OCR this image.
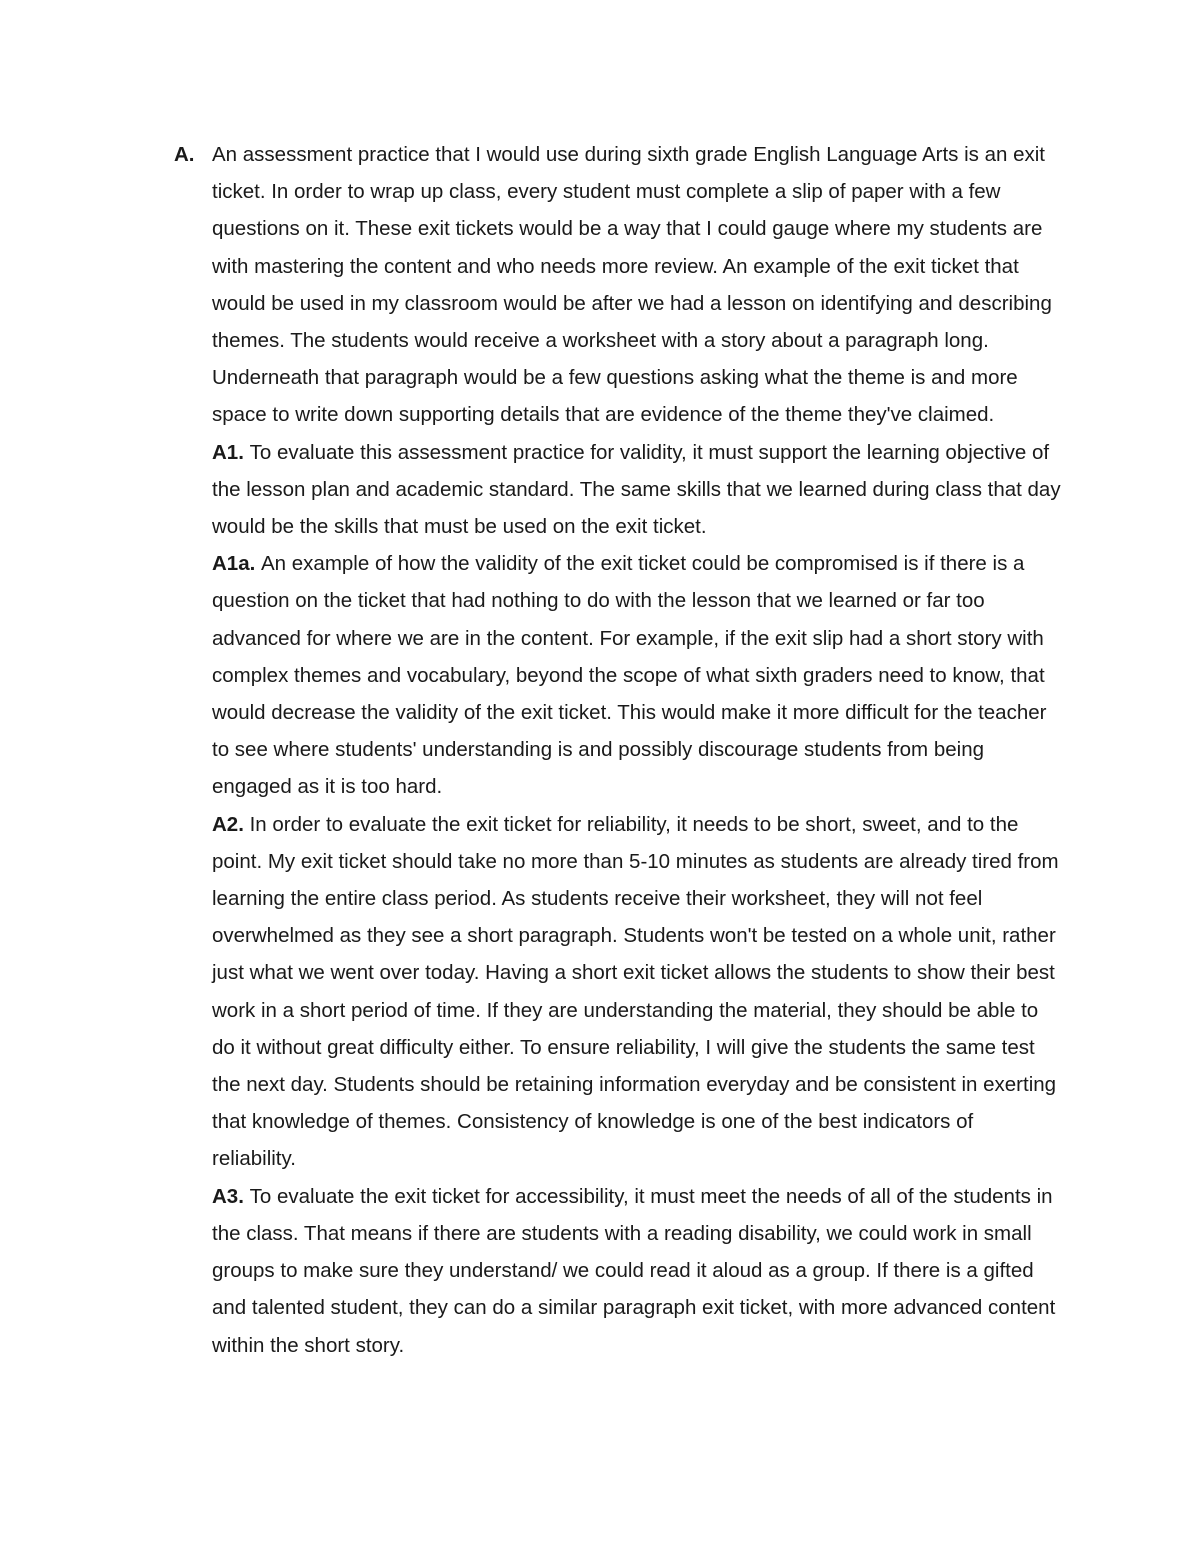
A. An assessment practice that I would use during sixth grade English Language Arts is an exit ticket. In order to wrap up class, every student must complete a slip of paper with a few questions on it. These exit tickets would be a way that I could gauge where my students are with mastering the content and who needs more review. An example of the exit ticket that would be used in my classroom would be after we had a lesson on identifying and describing themes. The students would receive a worksheet with a story about a paragraph long. Underneath that paragraph would be a few questions asking what the theme is and more space to write down supporting details that are evidence of the theme they've claimed.

A1. To evaluate this assessment practice for validity, it must support the learning objective of the lesson plan and academic standard. The same skills that we learned during class that day would be the skills that must be used on the exit ticket.

A1a. An example of how the validity of the exit ticket could be compromised is if there is a question on the ticket that had nothing to do with the lesson that we learned or far too advanced for where we are in the content. For example, if the exit slip had a short story with complex themes and vocabulary, beyond the scope of what sixth graders need to know, that would decrease the validity of the exit ticket. This would make it more difficult for the teacher to see where students' understanding is and possibly discourage students from being engaged as it is too hard.

A2. In order to evaluate the exit ticket for reliability, it needs to be short, sweet, and to the point. My exit ticket should take no more than 5-10 minutes as students are already tired from learning the entire class period. As students receive their worksheet, they will not feel overwhelmed as they see a short paragraph. Students won't be tested on a whole unit, rather just what we went over today. Having a short exit ticket allows the students to show their best work in a short period of time. If they are understanding the material, they should be able to do it without great difficulty either. To ensure reliability, I will give the students the same test the next day. Students should be retaining information everyday and be consistent in exerting that knowledge of themes. Consistency of knowledge is one of the best indicators of reliability.

A3. To evaluate the exit ticket for accessibility, it must meet the needs of all of the students in the class. That means if there are students with a reading disability, we could work in small groups to make sure they understand/ we could read it aloud as a group. If there is a gifted and talented student, they can do a similar paragraph exit ticket, with more advanced content within the short story.
